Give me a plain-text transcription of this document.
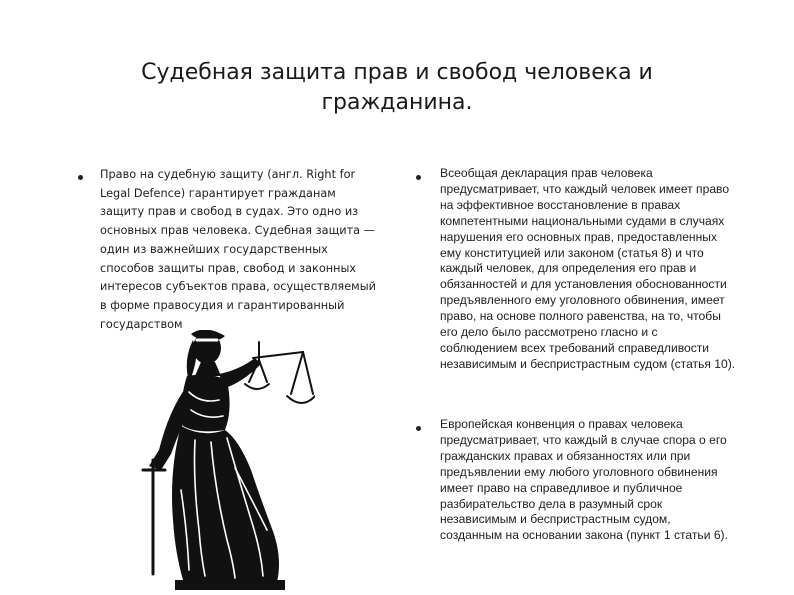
Судебная защита прав и свобод человека и
гражданина.
Право на судебную защиту (англ. Right for Legal Defence) гарантирует гражданам защиту прав и свобод в судах. Это одно из основных прав человека. Судебная защита — один из важнейших государственных способов защиты прав, свобод и законных интересов субъектов права, осуществляемый в форме правосудия и гарантированный государством
Всеобщая декларация прав человека предусматривает, что каждый человек имеет право на эффективное восстановление в правах компетентными национальными судами в случаях нарушения его основных прав, предоставленных ему конституцией или законом (статья 8) и что каждый человек, для определения его прав и обязанностей и для установления обоснованности предъявленного ему уголовного обвинения, имеет право, на основе полного равенства, на то, чтобы его дело было рассмотрено гласно и с соблюдением всех требований справедливости независимым и беспристрастным судом (статья 10).
Европейская конвенция о правах человека предусматривает, что каждый в случае спора о его гражданских правах и обязанностях или при предъявлении ему любого уголовного обвинения имеет право на справедливое и публичное разбирательство дела в разумный срок независимым и беспристрастным судом, созданным на основании закона (пункт 1 статьи 6).
